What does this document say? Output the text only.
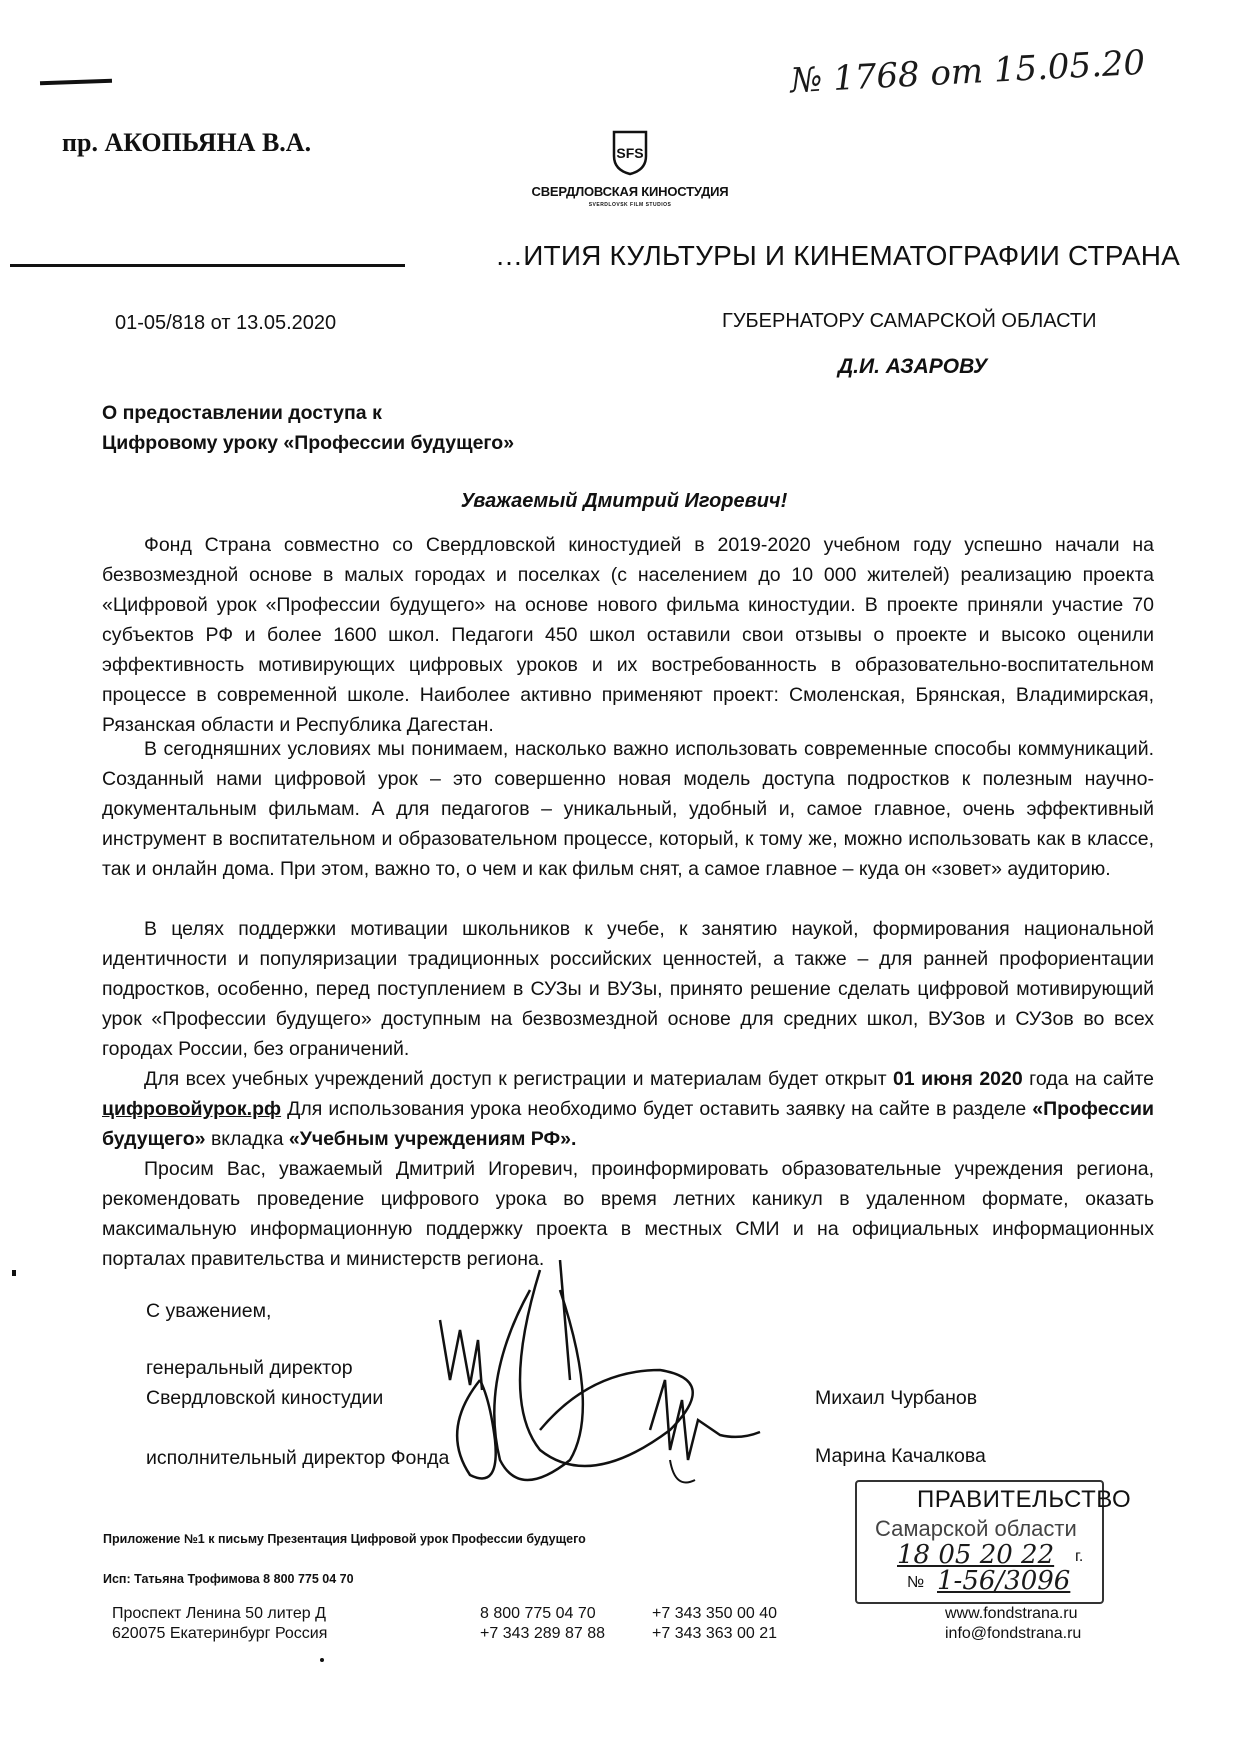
№ 1768 от 15.05.20
пр. АКОПЬЯНА В.А.	SFS
СВЕРДЛОВСКАЯ КИНОСТУДИЯ
SVERDLOVSK FILM STUDIOS
…ИТИЯ КУЛЬТУРЫ И КИНЕМАТОГРАФИИ СТРАНА
01-05/818 от 13.05.2020	ГУБЕРНАТОРУ САМАРСКОЙ ОБЛАСТИ
Д.И. АЗАРОВУ
О предоставлении доступа к
Цифровому уроку «Профессии будущего»
Уважаемый Дмитрий Игоревич!

Фонд Страна совместно со Свердловской киностудией в 2019-2020 учебном году успешно начали на безвозмездной основе в малых городах и поселках (с населением до 10 000 жителей) реализацию проекта «Цифровой урок «Профессии будущего» на основе нового фильма киностудии. В проекте приняли участие 70 субъектов РФ и более 1600 школ. Педагоги 450 школ оставили свои отзывы о проекте и высоко оценили эффективность мотивирующих цифровых уроков и их востребованность в образовательно-воспитательном процессе в современной школе. Наиболее активно применяют проект: Смоленская, Брянская, Владимирская, Рязанская области и Республика Дагестан.

В сегодняшних условиях мы понимаем, насколько важно использовать современные способы коммуникаций. Созданный нами цифровой урок – это совершенно новая модель доступа подростков к полезным научно-документальным фильмам. А для педагогов – уникальный, удобный и, самое главное, очень эффективный инструмент в воспитательном и образовательном процессе, который, к тому же, можно использовать как в классе, так и онлайн дома. При этом, важно то, о чем и как фильм снят, а самое главное – куда он «зовет» аудиторию.

В целях поддержки мотивации школьников к учебе, к занятию наукой, формирования национальной идентичности и популяризации традиционных российских ценностей, а также – для ранней профориентации подростков, особенно, перед поступлением в СУЗы и ВУЗы, принято решение сделать цифровой мотивирующий урок «Профессии будущего» доступным на безвозмездной основе для средних школ, ВУЗов и СУЗов во всех городах России, без ограничений.

Для всех учебных учреждений доступ к регистрации и материалам будет открыт 01 июня 2020 года на сайте цифровойурок.рф Для использования урока необходимо будет оставить заявку на сайте в разделе «Профессии будущего» вкладка «Учебным учреждениям РФ».

Просим Вас, уважаемый Дмитрий Игоревич, проинформировать образовательные учреждения региона, рекомендовать проведение цифрового урока во время летних каникул в удаленном формате, оказать максимальную информационную поддержку проекта в местных СМИ и на официальных информационных порталах правительства и министерств региона.

С уважением,
генеральный директор
Свердловской киностудии
исполнительный директор Фонда
Михаил Чурбанов
Марина Качалкова
ПРАВИТЕЛЬСТВО
Самарской области
18 05 20 22 г.
№ 1-56/3096
Приложение №1 к письму Презентация Цифровой урок Профессии будущего
Исп: Татьяна Трофимова 8 800 775 04 70
Проспект Ленина 50 литер Д
620075 Екатеринбург Россия
8 800 775 04 70
+7 343 289 87 88
+7 343 350 00 40
+7 343 363 00 21
www.fondstrana.ru
info@fondstrana.ru
